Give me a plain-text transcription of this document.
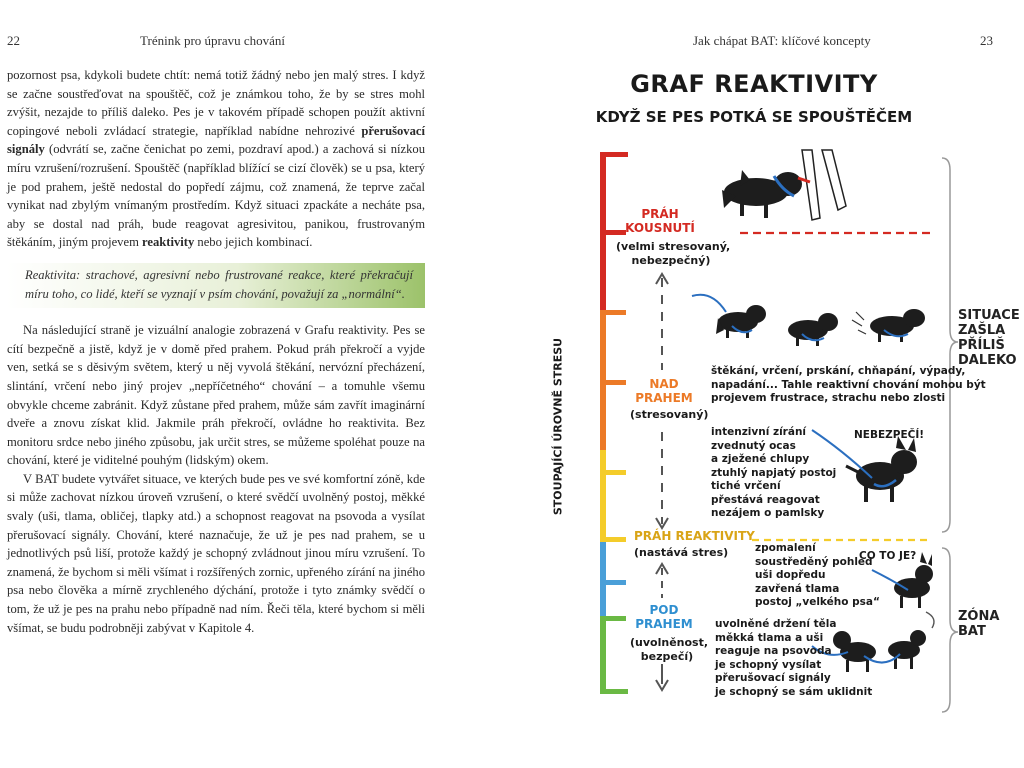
22	Trénink pro úpravu chování

pozornost psa, kdykoli budete chtít: nemá totiž žádný nebo jen malý stres. I když se začne soustřeďovat na spouštěč, což je známkou toho, že by se stres mohl zvýšit, nezajde to příliš daleko. Pes je v takovém případě schopen použít aktivní copingové neboli zvládací strategie, například nabídne nehrozivé přerušovací signály (odvrátí se, začne čenichat po zemi, pozdraví apod.) a zachová si nízkou míru vzrušení/rozrušení. Spouštěč (například blížící se cizí člověk) se u psa, který je pod prahem, ještě nedostal do popředí zájmu, což znamená, že teprve začal vynikat nad zbylým vnímaným prostředím. Když situaci zpackáte a necháte psa, aby se dostal nad práh, bude reagovat agresivitou, panikou, frustrovaným štěkáním, jiným projevem reaktivity nebo jejich kombinací.

Reaktivita: strachové, agresivní nebo frustrované reakce, které překračují míru toho, co lidé, kteří se vyznají v psím chování, považují za „normální“.

Na následující straně je vizuální analogie zobrazená v Grafu reaktivity. Pes se cítí bezpečně a jistě, když je v domě před prahem. Pokud práh překročí a vyjde ven, setká se s děsivým světem, který u něj vyvolá štěkání, nervózní přecházení, slintání, vrčení nebo jiný projev „nepříčetného“ chování – a tomuhle všemu obvykle chceme zabránit. Když zůstane před prahem, může sám zavřít imaginární dveře a znovu získat klid. Jakmile práh překročí, ovládne ho reaktivita. Bez monitoru srdce nebo jiného způsobu, jak určit stres, se můžeme spoléhat pouze na chování, které je viditelné pouhým (lidským) okem.

V BAT budete vytvářet situace, ve kterých bude pes ve své komfortní zóně, kde si může zachovat nízkou úroveň vzrušení, o které svědčí uvolněný postoj, měkké svaly (uši, tlama, obličej, tlapky atd.) a schopnost reagovat na psovoda a vysílat přerušovací signály. Chování, které naznačuje, že už je pes nad prahem, se u jednotlivých psů liší, protože každý je schopný zvládnout jinou míru vzrušení. To znamená, že bychom si měli všímat i rozšířených zornic, upřeného zírání na jiného psa nebo člověka a mírně zrychleného dýchání, protože i tyto známky svědčí o tom, že už je pes na prahu nebo případně nad ním. Řeči těla, které bychom si měli všímat, se budu podrobněji zabývat v Kapitole 4.

Jak chápat BAT: klíčové koncepty	23
GRAF REAKTIVITY
KDYŽ SE PES POTKÁ SE SPOUŠTĚČEM
STOUPAJÍCÍ ÚROVNĚ STRESU
PRÁH
KOUSNUTÍ
(velmi stresovaný,
nebezpečný)
NAD
PRAHEM
(stresovaný)
PRÁH REAKTIVITY
(nastává stres)
POD
PRAHEM
(uvolněnost,
bezpečí)
štěkání, vrčení, prskání, chňapání, výpady,
napadání... Tahle reaktivní chování mohou být
projevem frustrace, strachu nebo zlosti
intenzivní zírání
zvednutý ocas
a zježené chlupy
ztuhlý napjatý postoj
tiché vrčení
přestává reagovat
nezájem o pamlsky
NEBEZPEČÍ!
zpomalení
soustředěný pohled
uši dopředu
zavřená tlama
postoj „velkého psa“
CO TO JE?
uvolněné držení těla
měkká tlama a uši
reaguje na psovoda
je schopný vysílat
přerušovací signály
je schopný se sám uklidnit
SITUACE
ZAŠLA
PŘÍLIŠ
DALEKO
ZÓNA
BAT
